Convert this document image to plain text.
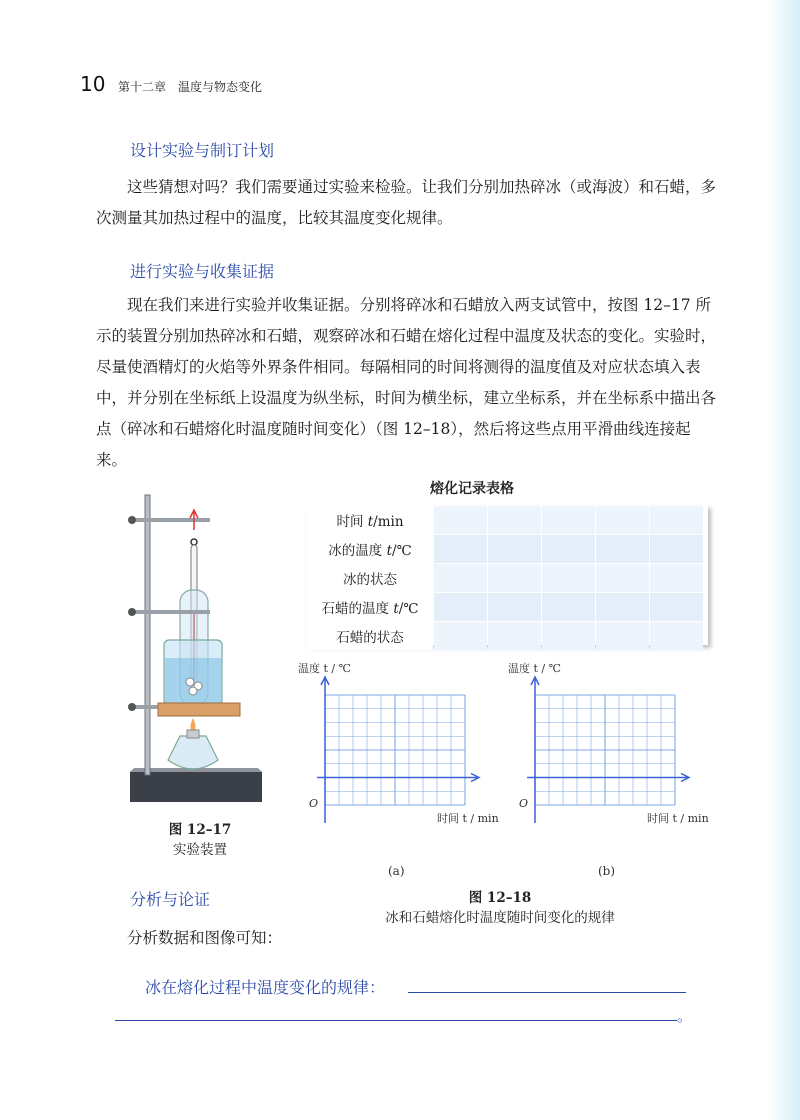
10 第十二章　温度与物态变化
设计实验与制订计划

这些猜想对吗？我们需要通过实验来检验。让我们分别加热碎冰（或海波）和石蜡，多次测量其加热过程中的温度，比较其温度变化规律。

进行实验与收集证据

现在我们来进行实验并收集证据。分别将碎冰和石蜡放入两支试管中，按图 12–17 所示的装置分别加热碎冰和石蜡，观察碎冰和石蜡在熔化过程中温度及状态的变化。实验时，尽量使酒精灯的火焰等外界条件相同。每隔相同的时间将测得的温度值及对应状态填入表中，并分别在坐标纸上设温度为纵坐标，时间为横坐标，建立坐标系，并在坐标系中描出各点（碎冰和石蜡熔化时温度随时间变化）（图 12–18），然后将这些点用平滑曲线连接起来。

图 12–17
实验装置
熔化记录表格
时间 t/min					
冰的温度 t/℃					
冰的状态					
石蜡的温度 t/℃					
石蜡的状态					
温度 t / ℃	温度 t / ℃
O	O
时间 t / min	时间 t / min
(a)	(b)
图 12–18
冰和石蜡熔化时温度随时间变化的规律
分析与论证
分析数据和图像可知：
冰在熔化过程中温度变化的规律：
。
